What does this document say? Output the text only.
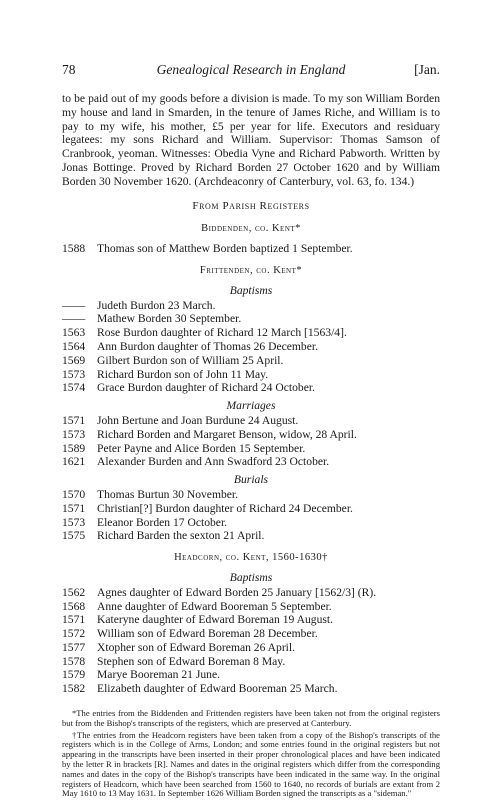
78	Genealogical Research in England	[Jan.

to be paid out of my goods before a division is made. To my son William Borden my house and land in Smarden, in the tenure of James Riche, and William is to pay to my wife, his mother, £5 per year for life. Executors and residuary legatees: my sons Richard and William. Supervisor: Thomas Samson of Cranbrook, yeoman. Witnesses: Obedia Vyne and Richard Pabworth. Written by Jonas Bottinge. Proved by Richard Borden 27 October 1620 and by William Borden 30 November 1620. (Archdeaconry of Canterbury, vol. 63, fo. 134.)

From Parish Registers
Biddenden, co. Kent*
1588	Thomas son of Matthew Borden baptized 1 September.
Frittenden, co. Kent*
Baptisms
——	Judeth Burdon 23 March.
——	Mathew Borden 30 September.
1563	Rose Burdon daughter of Richard 12 March [1563/4].
1564	Ann Burdon daughter of Thomas 26 December.
1569	Gilbert Burdon son of William 25 April.
1573	Richard Burdon son of John 11 May.
1574	Grace Burdon daughter of Richard 24 October.
Marriages
1571	John Bertune and Joan Burdune 24 August.
1573	Richard Borden and Margaret Benson, widow, 28 April.
1589	Peter Payne and Alice Borden 15 September.
1621	Alexander Burden and Ann Swadford 23 October.
Burials
1570	Thomas Burtun 30 November.
1571	Christian[?] Burdon daughter of Richard 24 December.
1573	Eleanor Borden 17 October.
1575	Richard Barden the sexton 21 April.
Headcorn, co. Kent, 1560-1630†
Baptisms
1562	Agnes daughter of Edward Borden 25 January [1562/3] (R).
1568	Anne daughter of Edward Booreman 5 September.
1571	Kateryne daughter of Edward Boreman 19 August.
1572	William son of Edward Boreman 28 December.
1577	Xtopher son of Edward Boreman 26 April.
1578	Stephen son of Edward Boreman 8 May.
1579	Marye Booreman 21 June.
1582	Elizabeth daughter of Edward Booreman 25 March.

*The entries from the Biddenden and Frittenden registers have been taken not from the original registers but from the Bishop's transcripts of the registers, which are preserved at Canterbury.

†The entries from the Headcorn registers have been taken from a copy of the Bishop's transcripts of the registers which is in the College of Arms, London; and some entries found in the original registers but not appearing in the transcripts have been inserted in their proper chronological places and have been indicated by the letter R in brackets [R]. Names and dates in the original registers which differ from the corresponding names and dates in the copy of the Bishop's transcripts have been indicated in the same way. In the original registers of Headcorn, which have been searched from 1560 to 1640, no records of burials are extant from 2 May 1610 to 13 May 1631. In September 1626 William Borden signed the transcripts as a "sideman."
